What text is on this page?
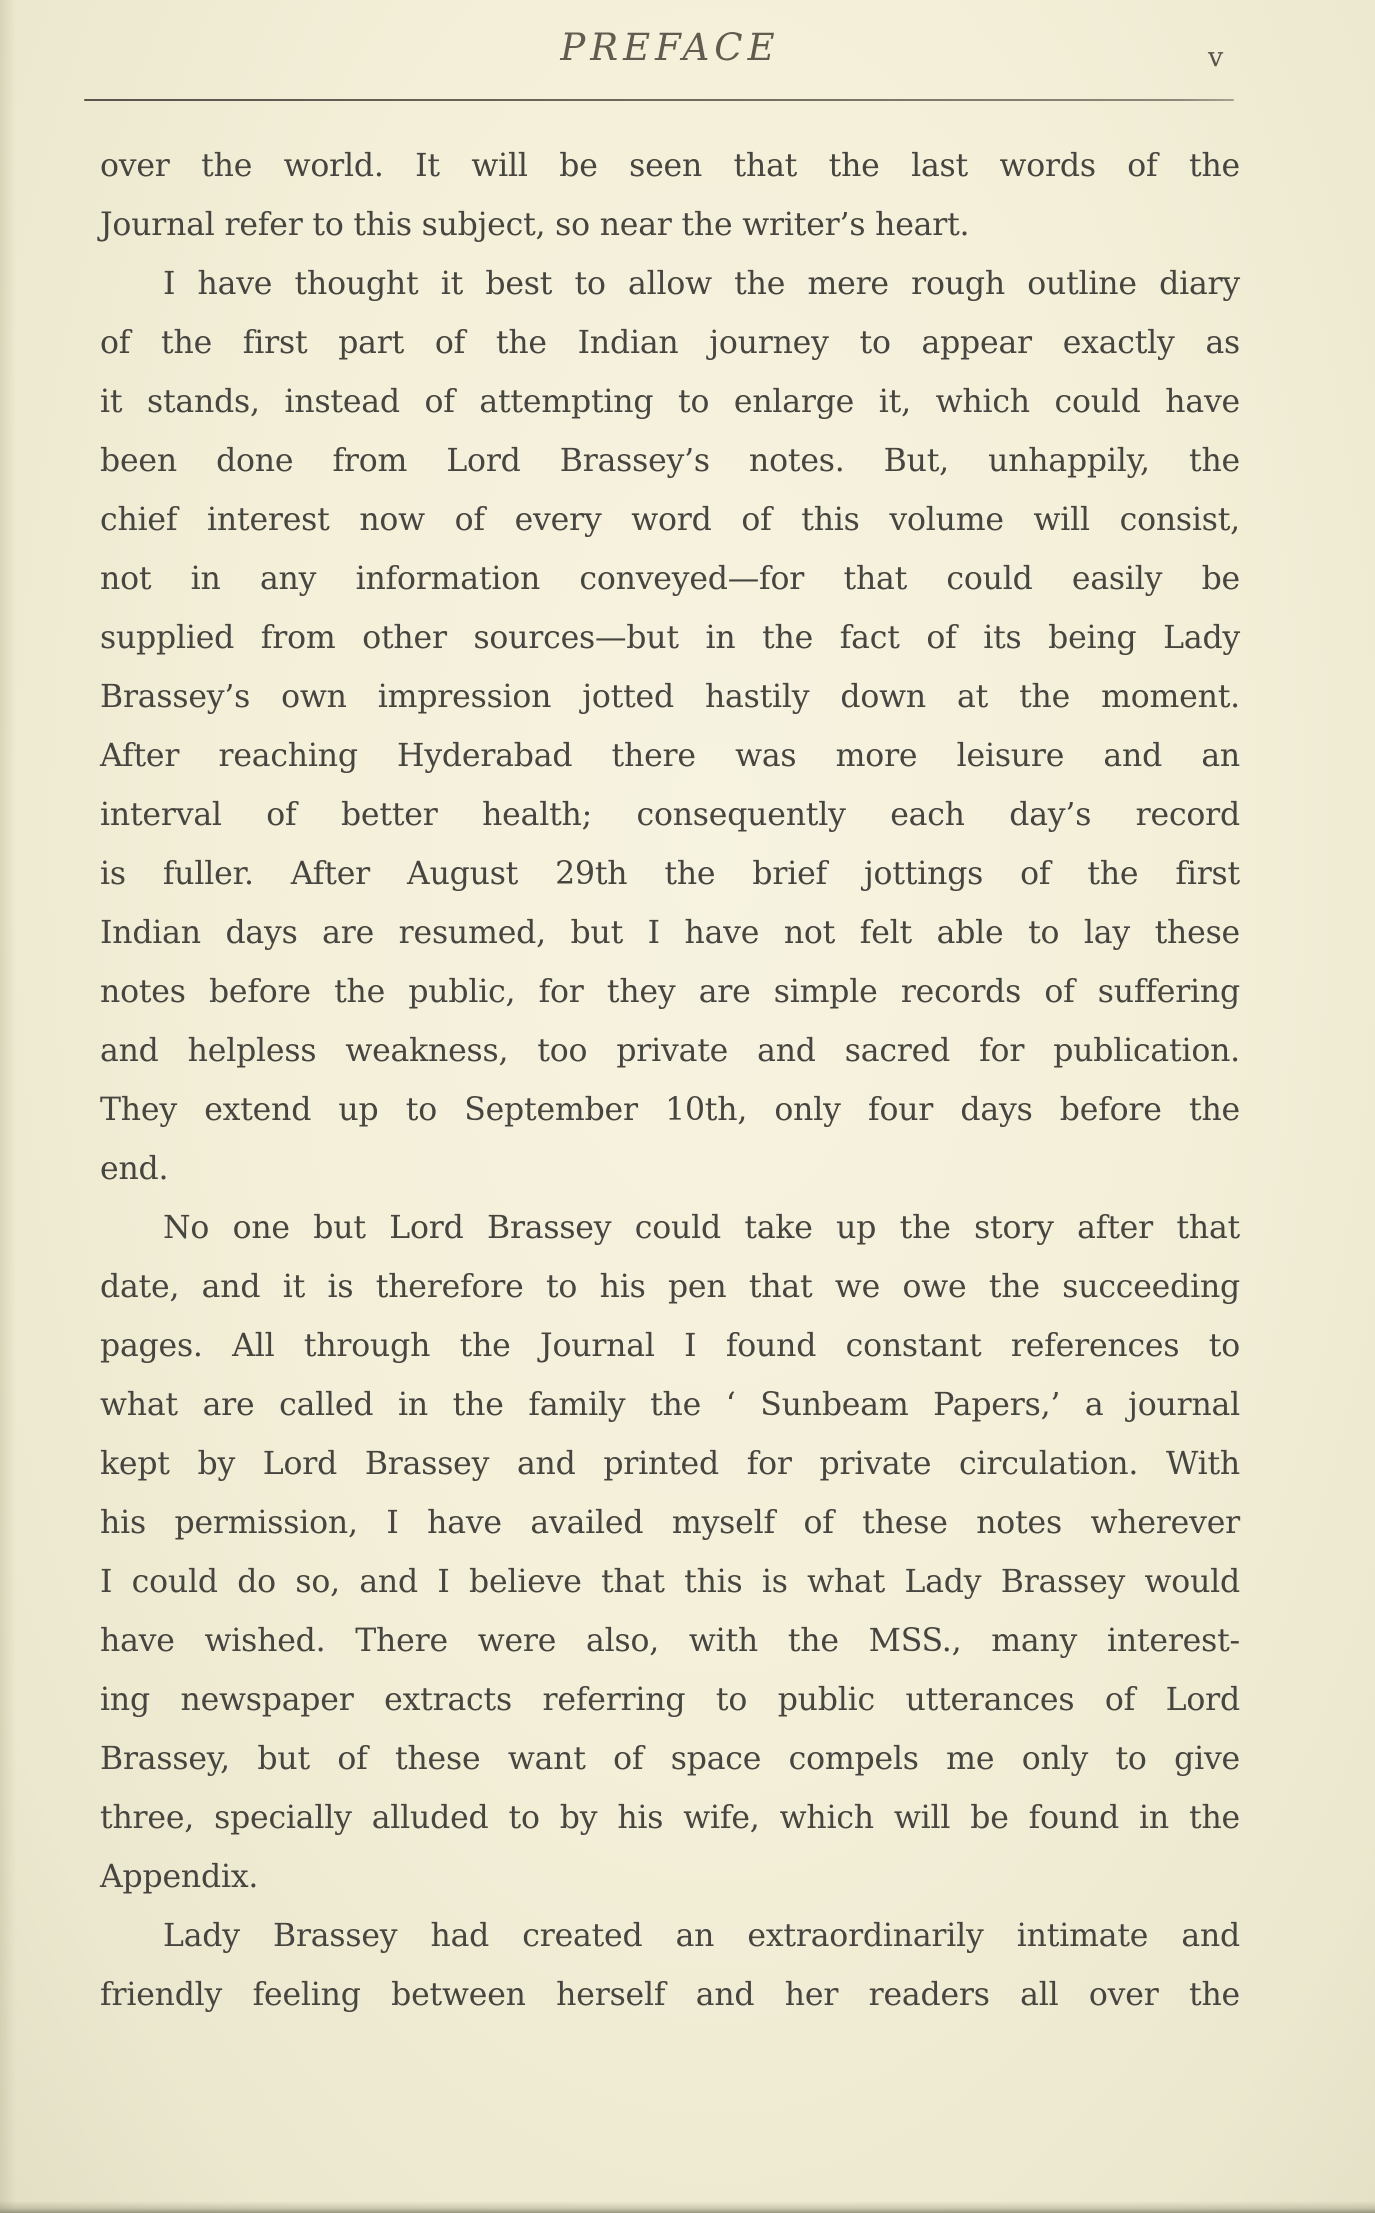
PREFACE	v
over the world. It will be seen that the last words of the
Journal refer to this subject, so near the writer’s heart.
I have thought it best to allow the mere rough outline diary
of the first part of the Indian journey to appear exactly as
it stands, instead of attempting to enlarge it, which could have
been done from Lord Brassey’s notes. But, unhappily, the
chief interest now of every word of this volume will consist,
not in any information conveyed—for that could easily be
supplied from other sources—but in the fact of its being Lady
Brassey’s own impression jotted hastily down at the moment.
After reaching Hyderabad there was more leisure and an
interval of better health; consequently each day’s record
is fuller. After August 29th the brief jottings of the first
Indian days are resumed, but I have not felt able to lay these
notes before the public, for they are simple records of suffering
and helpless weakness, too private and sacred for publication.
They extend up to September 10th, only four days before the
end.
No one but Lord Brassey could take up the story after that
date, and it is therefore to his pen that we owe the succeeding
pages. All through the Journal I found constant references to
what are called in the family the ‘ Sunbeam Papers,’ a journal
kept by Lord Brassey and printed for private circulation. With
his permission, I have availed myself of these notes wherever
I could do so, and I believe that this is what Lady Brassey would
have wished. There were also, with the MSS., many interest-
ing newspaper extracts referring to public utterances of Lord
Brassey, but of these want of space compels me only to give
three, specially alluded to by his wife, which will be found in the
Appendix.
Lady Brassey had created an extraordinarily intimate and
friendly feeling between herself and her readers all over the
